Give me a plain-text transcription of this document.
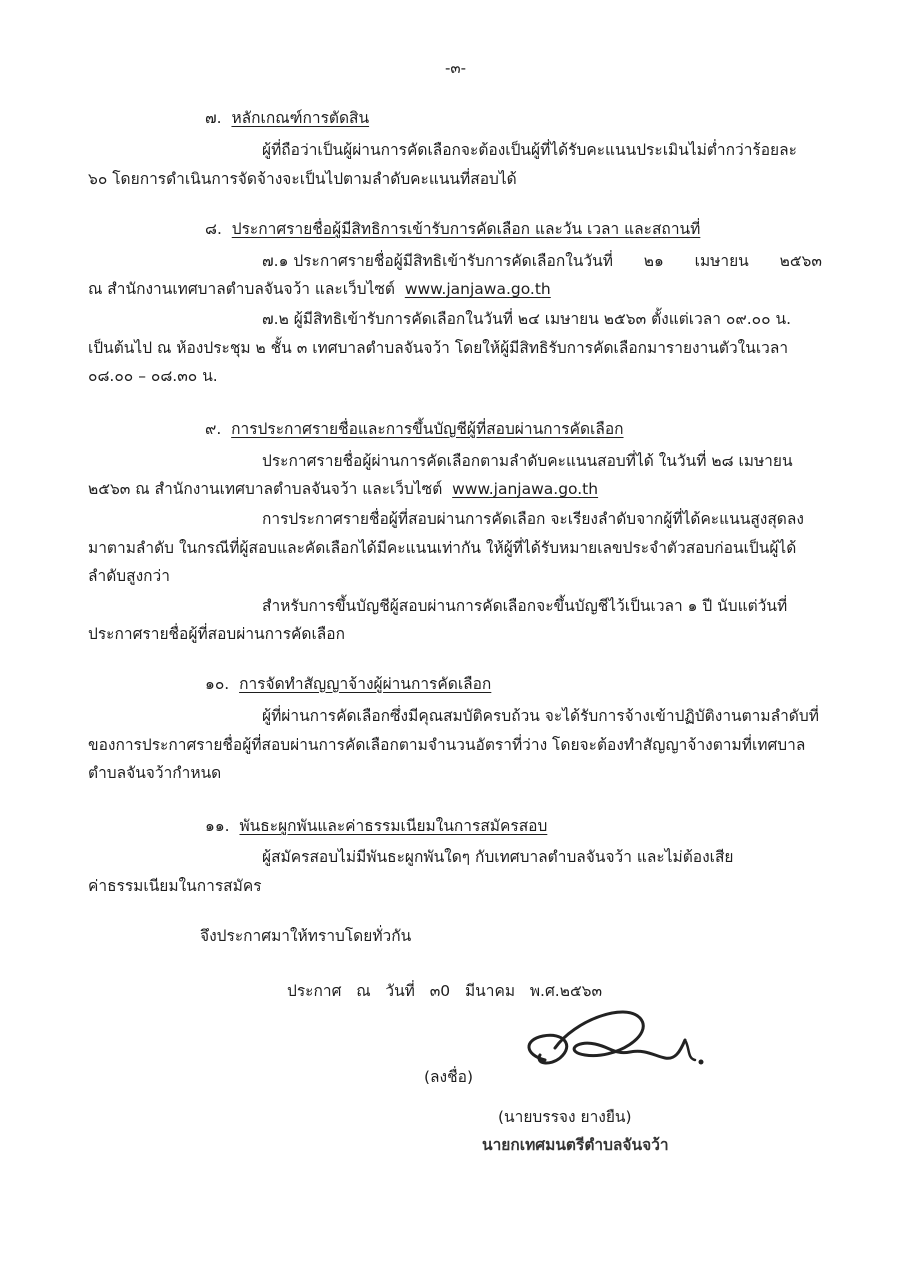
-๓-
๗. หลักเกณฑ์การตัดสิน
ผู้ที่ถือว่าเป็นผู้ผ่านการคัดเลือกจะต้องเป็นผู้ที่ได้รับคะแนนประเมินไม่ต่ำกว่าร้อยละ
๖๐ โดยการดำเนินการจัดจ้างจะเป็นไปตามลำดับคะแนนที่สอบได้
๘. ประกาศรายชื่อผู้มีสิทธิการเข้ารับการคัดเลือก และวัน เวลา และสถานที่
๗.๑ ประกาศรายชื่อผู้มีสิทธิเข้ารับการคัดเลือกในวันที่ ๒๑ เมษายน ๒๕๖๓
ณ สำนักงานเทศบาลตำบลจันจว้า และเว็บไซต์ www.janjawa.go.th
๗.๒ ผู้มีสิทธิเข้ารับการคัดเลือกในวันที่ ๒๔ เมษายน ๒๕๖๓ ตั้งแต่เวลา ๐๙.๐๐ น.
เป็นต้นไป ณ ห้องประชุม ๒ ชั้น ๓ เทศบาลตำบลจันจว้า โดยให้ผู้มีสิทธิรับการคัดเลือกมารายงานตัวในเวลา
๐๘.๐๐ – ๐๘.๓๐ น.
๙. การประกาศรายชื่อและการขึ้นบัญชีผู้ที่สอบผ่านการคัดเลือก
ประกาศรายชื่อผู้ผ่านการคัดเลือกตามลำดับคะแนนสอบที่ได้ ในวันที่ ๒๘ เมษายน
๒๕๖๓ ณ สำนักงานเทศบาลตำบลจันจว้า และเว็บไซต์ www.janjawa.go.th
การประกาศรายชื่อผู้ที่สอบผ่านการคัดเลือก จะเรียงลำดับจากผู้ที่ได้คะแนนสูงสุดลง
มาตามลำดับ ในกรณีที่ผู้สอบและคัดเลือกได้มีคะแนนเท่ากัน ให้ผู้ที่ได้รับหมายเลขประจำตัวสอบก่อนเป็นผู้ได้
ลำดับสูงกว่า
สำหรับการขึ้นบัญชีผู้สอบผ่านการคัดเลือกจะขึ้นบัญชีไว้เป็นเวลา ๑ ปี นับแต่วันที่
ประกาศรายชื่อผู้ที่สอบผ่านการคัดเลือก
๑๐. การจัดทำสัญญาจ้างผู้ผ่านการคัดเลือก
ผู้ที่ผ่านการคัดเลือกซึ่งมีคุณสมบัติครบถ้วน จะได้รับการจ้างเข้าปฏิบัติงานตามลำดับที่
ของการประกาศรายชื่อผู้ที่สอบผ่านการคัดเลือกตามจำนวนอัตราที่ว่าง โดยจะต้องทำสัญญาจ้างตามที่เทศบาล
ตำบลจันจว้ากำหนด
๑๑. พันธะผูกพันและค่าธรรมเนียมในการสมัครสอบ
ผู้สมัครสอบไม่มีพันธะผูกพันใดๆ กับเทศบาลตำบลจันจว้า และไม่ต้องเสีย
ค่าธรรมเนียมในการสมัคร
จึงประกาศมาให้ทราบโดยทั่วกัน
ประกาศ ณ วันที่ ๓0 มีนาคม พ.ศ.๒๕๖๓
(ลงชื่อ)
(นายบรรจง ยางยืน)
นายกเทศมนตรีตำบลจันจว้า
